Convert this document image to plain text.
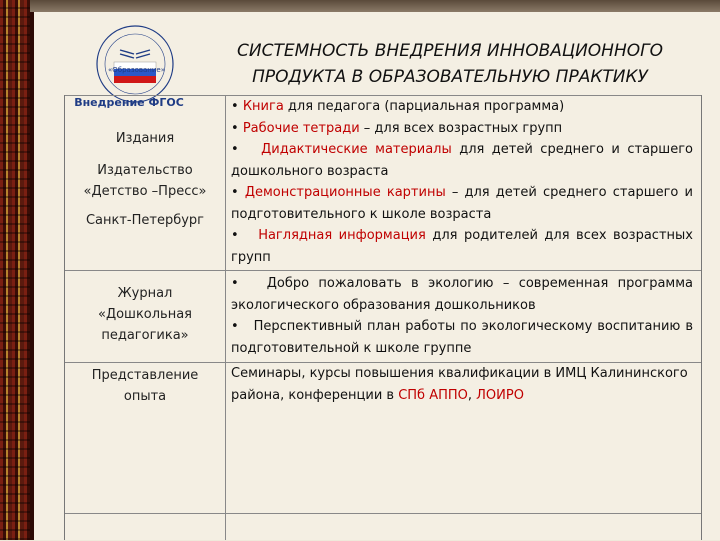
«Образование»
Внедрение ФГОС
СИСТЕМНОСТЬ ВНЕДРЕНИЯ ИННОВАЦИОННОГО
ПРОДУКТА В ОБРАЗОВАТЕЛЬНУЮ ПРАКТИКУ
Издания
Издательство «Детство –Пресс»
Санкт-Петербург

• Книга для педагога (парциальная программа)

• Рабочие тетради – для всех возрастных групп

• Дидактические материалы для детей среднего и старшего дошкольного возраста

• Демонстрационные картины – для детей среднего старшего и подготовительного к школе возраста

• Наглядная информация для родителей для всех возрастных групп

Журнал «Дошкольная педагогика»

• Добро пожаловать в экологию – современная программа экологического образования дошкольников

• Перспективный план работы по экологическому воспитанию в подготовительной к школе группе

Представление опыта

Семинары, курсы повышения квалификации в ИМЦ Калининского района, конференции в СПб АППО, ЛОИРО
